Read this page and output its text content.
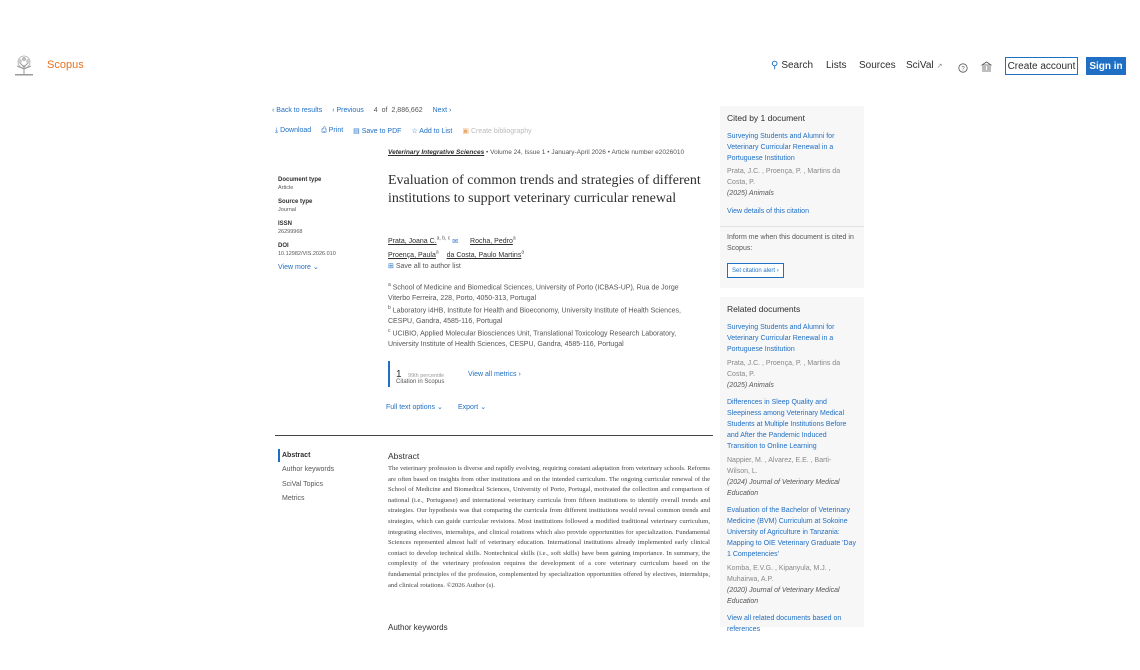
Scopus	⚲ Search Lists Sources SciVal ↗	?	Create account	Sign in
‹ Back to results ‹ Previous 4 of 2,886,662 Next ›
⤓ Download ⎙ Print ▤ Save to PDF ☆ Add to List ▣ Create bibliography
Document type
Article
Source type
Journal
ISSN
26299968
DOI
10.12982/VIS.2026.010
View more ⌄
Veterinary Integrative Sciences • Volume 24, Issue 1 • January-April 2026 • Article number e2026010
Evaluation of common trends and strategies of different institutions to support veterinary curricular renewal
Prata, Joana C.$^{a, b, c}$ ✉ Rocha, Pedro$^a$
Proença, Paula$^a$ da Costa, Paulo Martins$^a$
⊞ Save all to author list
$^a$ School of Medicine and Biomedical Sciences, University of Porto (ICBAS-UP), Rua de Jorge Viterbo Ferreira, 228, Porto, 4050-313, Portugal
$^b$ Laboratory i4HB, Institute for Health and Bioeconomy, University Institute of Health Sciences, CESPU, Gandra, 4585-116, Portugal
$^c$ UCIBIO, Applied Molecular Biosciences Unit, Translational Toxicology Research Laboratory, University Institute of Health Sciences, CESPU, Gandra, 4585-116, Portugal
1 99th percentile
Citation in Scopus
View all metrics ›
Full text options ⌄ Export ⌄
Abstract
Author keywords
SciVal Topics
Metrics
Abstract
The veterinary profession is diverse and rapidly evolving, requiring constant adaptation from veterinary schools. Reforms are often based on insights from other institutions and on the intended curriculum. The ongoing curricular renewal of the School of Medicine and Biomedical Sciences, University of Porto, Portugal, motivated the collection and comparison of national (i.e., Portuguese) and international veterinary curricula from fifteen institutions to identify overall trends and strategies. Our hypothesis was that comparing the curricula from different institutions would reveal common trends and strategies, which can guide curricular revisions. Most institutions followed a modified traditional veterinary curriculum, integrating electives, internships, and clinical rotations which also provide opportunities for specialization. Fundamental Sciences represented almost half of veterinary education. International institutions already implemented early clinical contact to develop technical skills. Nontechnical skills (i.e., soft skills) have been gaining importance. In summary, the complexity of the veterinary profession requires the development of a core veterinary curriculum based on the fundamental principles of the profession, complemented by specialization opportunities offered by electives, internships, and clinical rotations. ©2026 Author (s).
Author keywords
Cited by 1 document
Surveying Students and Alumni for Veterinary Curricular Renewal in a Portuguese Institution
Prata, J.C. , Proença, P. , Martins da Costa, P.
(2025) Animals
View details of this citation
Inform me when this document is cited in Scopus:
Set citation alert
›
Related documents
Surveying Students and Alumni for Veterinary Curricular Renewal in a Portuguese Institution
Prata, J.C. , Proença, P. , Martins da Costa, P.
(2025) Animals
Differences in Sleep Quality and Sleepiness among Veterinary Medical Students at Multiple Institutions Before and After the Pandemic Induced Transition to Online Learning
Nappier, M. , Alvarez, E.E. , Barti-Wilson, L.
(2024) Journal of Veterinary Medical Education
Evaluation of the Bachelor of Veterinary Medicine (BVM) Curriculum at Sokoine University of Agriculture in Tanzania: Mapping to OIE Veterinary Graduate 'Day 1 Competencies'
Komba, E.V.G. , Kipanyula, M.J. , Muhairwa, A.P.
(2020) Journal of Veterinary Medical Education
View all related documents based on references
